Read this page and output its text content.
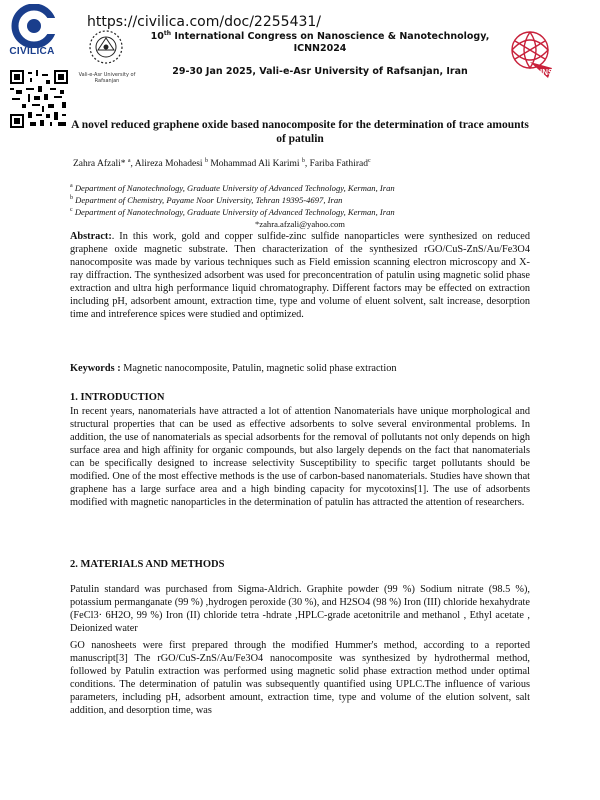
CIVILICA
Vali-e-Asr University of Rafsanjan
https://civilica.com/doc/2255431/
10th International Congress on Nanoscience & Nanotechnology, ICNN2024
29-30 Jan 2025, Vali-e-Asr University of Rafsanjan, Iran	INS
A novel reduced graphene oxide based nanocomposite for the determination of trace amounts of patulin
Zahra Afzali* $^a$, Alireza Mohadesi $^b$ Mohammad Ali Karimi $^b$, Fariba Fathirad$^c$
$^a$ Department of Nanotechnology, Graduate University of Advanced Technology, Kerman, Iran
$^b$ Department of Chemistry, Payame Noor University, Tehran 19395-4697, Iran
$^c$ Department of Nanotechnology, Graduate University of Advanced Technology, Kerman, Iran
*zahra.afzali@yahoo.com
Abstract:. In this work, gold and copper sulfide-zinc sulfide nanoparticles were synthesized on reduced graphene oxide magnetic substrate. Then characterization of the synthesized rGO/CuS-ZnS/Au/Fe3O4 nanocomposite was made by various techniques such as Field emission scanning electron microscopy and X-ray diffraction. The synthesized adsorbent was used for preconcentration of patulin using magnetic solid phase extraction and ultra high performance liquid chromatography. Different factors may be effected on extraction including pH, adsorbent amount, extraction time, type and volume of eluent solvent, salt increase, desorption time and intreference spices were studied and optimized.
Keywords : Magnetic nanocomposite, Patulin, magnetic solid phase extraction
1. INTRODUCTION
In recent years, nanomaterials have attracted a lot of attention Nanomaterials have unique morphological and structural properties that can be used as effective adsorbents to solve several environmental problems. In addition, the use of nanomaterials as special adsorbents for the removal of pollutants not only depends on high surface area and high affinity for organic compounds, but also largely depends on the fact that nanomaterials can be specifically designed to increase selectivity Susceptibility to specific target pollutants should be modified. One of the most effective methods is the use of carbon-based nanomaterials. Studies have shown that graphene has a large surface area and a high binding capacity for mycotoxins[1]. The use of adsorbents modified with magnetic nanoparticles in the determination of patulin has attracted the attention of researchers.
2. MATERIALS AND METHODS
Patulin standard was purchased from Sigma-Aldrich. Graphite powder (99 %) Sodium nitrate (98.5 %), potassium permanganate (99 %) ,hydrogen peroxide (30 %), and H2SO4 (98 %) Iron (III) chloride hexahydrate (FeCl3· 6H2O, 99 %) Iron (II) chloride tetra -hdrate ,HPLC-grade acetonitrile and methanol , Ethyl acetate , Deionized water
GO nanosheets were first prepared through the modified Hummer's method, according to a reported manuscript[3] The rGO/CuS-ZnS/Au/Fe3O4 nanocomposite was synthesized by hydrothermal method, followed by Patulin extraction was performed using magnetic solid phase extraction method under optimal conditions. The determination of patulin was subsequently quantified using UPLC.The influence of various parameters, including pH, adsorbent amount, extraction time, type and volume of the elution solvent, salt addition, and desorption time, was
